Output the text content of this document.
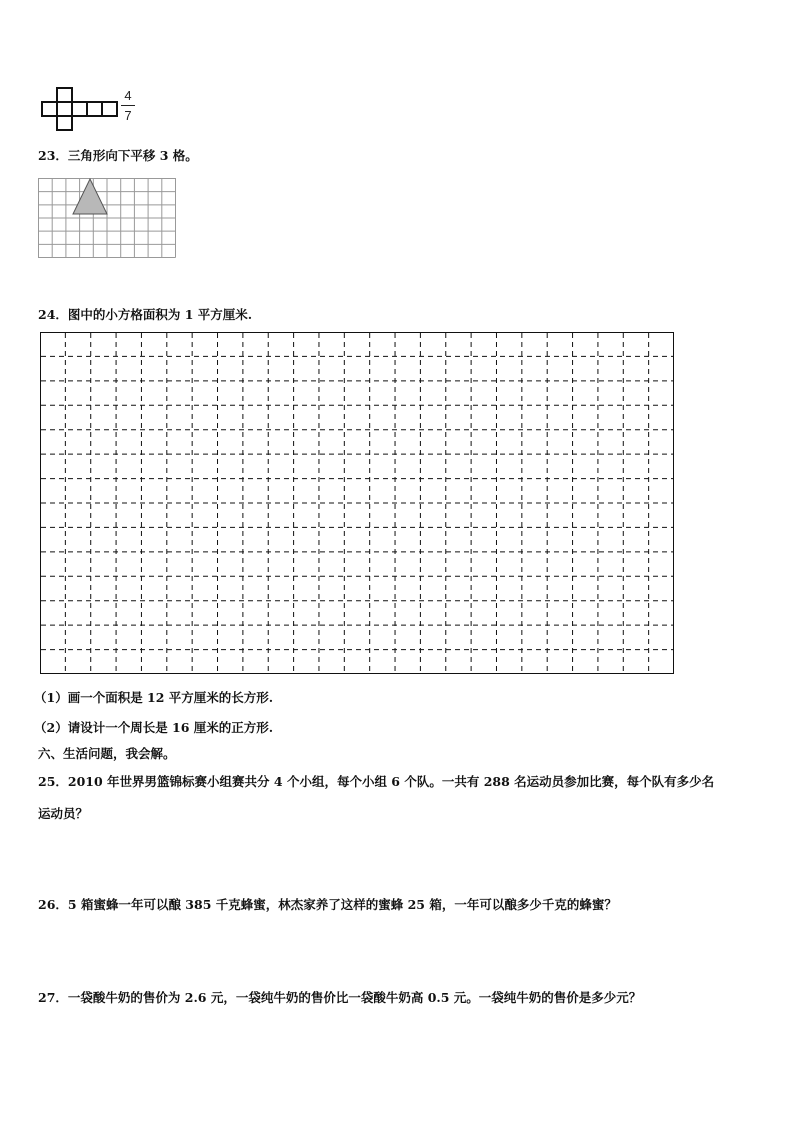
4
7
23．三角形向下平移 3 格。
24．图中的小方格面积为 1 平方厘米.
（1）画一个面积是 12 平方厘米的长方形.
（2）请设计一个周长是 16 厘米的正方形.
六、生活问题，我会解。
25．2010 年世界男篮锦标赛小组赛共分 4 个小组，每个小组 6 个队。一共有 288 名运动员参加比赛，每个队有多少名
运动员？
26．5 箱蜜蜂一年可以酿 385 千克蜂蜜，林杰家养了这样的蜜蜂 25 箱，一年可以酿多少千克的蜂蜜？
27．一袋酸牛奶的售价为 2.6 元，一袋纯牛奶的售价比一袋酸牛奶高 0.5 元。一袋纯牛奶的售价是多少元？
